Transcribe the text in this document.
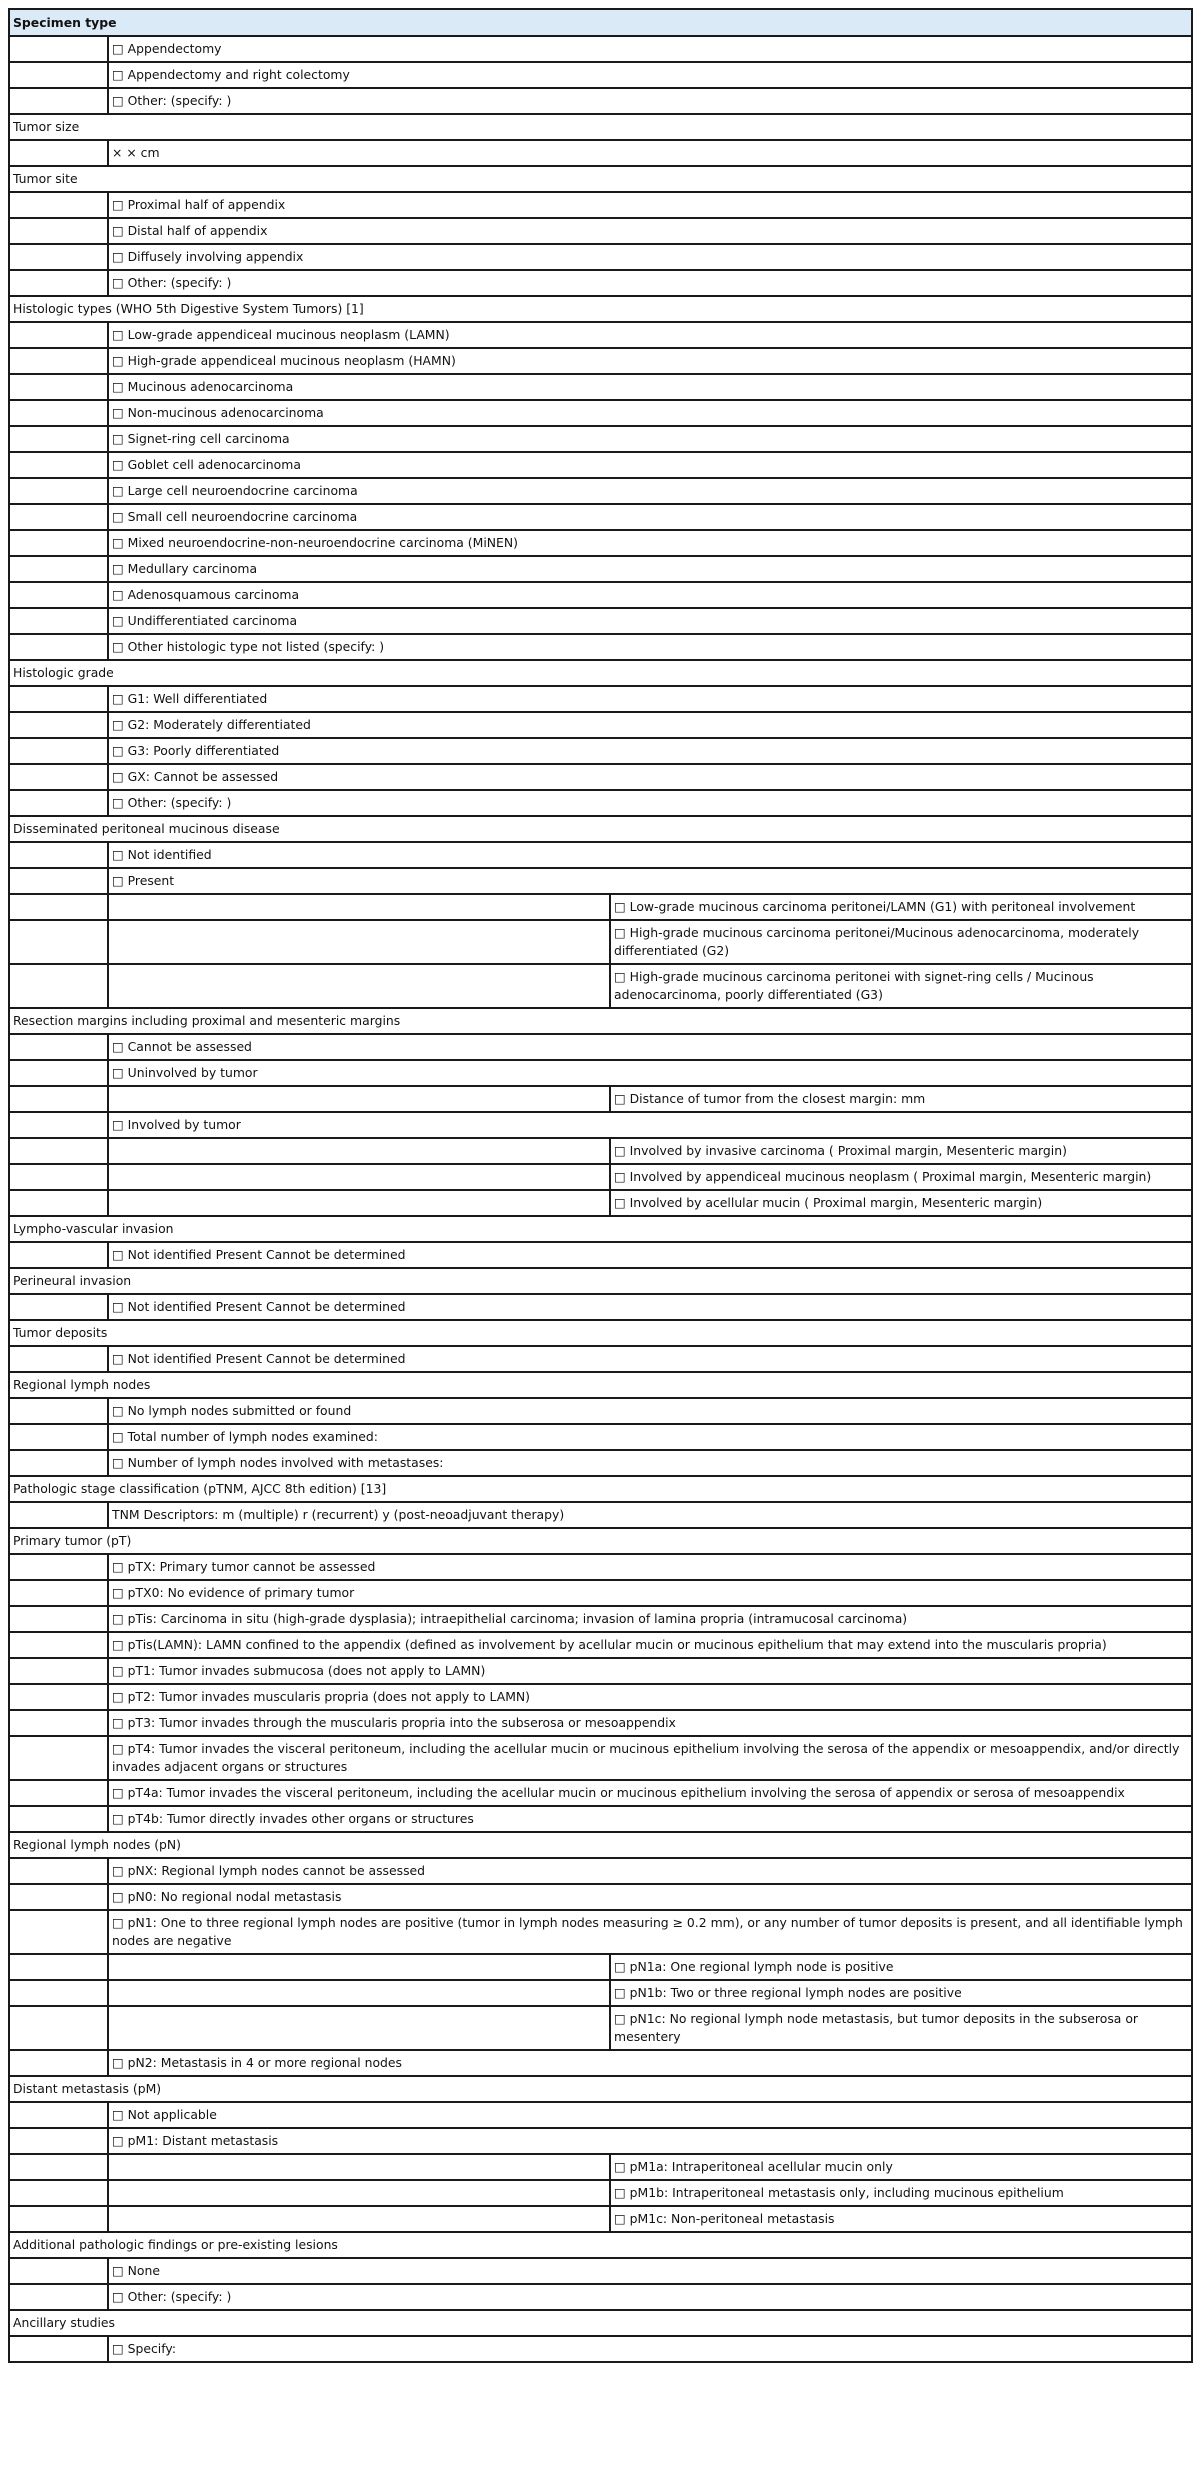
Specimen type		
	□ Appendectomy	
	□ Appendectomy and right colectomy	
	□ Other: (specify: )	
Tumor size		
	× × cm	
Tumor site		
	□ Proximal half of appendix	
	□ Distal half of appendix	
	□ Diffusely involving appendix	
	□ Other: (specify: )	
Histologic types (WHO 5th Digestive System Tumors) [1]		
	□ Low-grade appendiceal mucinous neoplasm (LAMN)	
	□ High-grade appendiceal mucinous neoplasm (HAMN)	
	□ Mucinous adenocarcinoma	
	□ Non-mucinous adenocarcinoma	
	□ Signet-ring cell carcinoma	
	□ Goblet cell adenocarcinoma	
	□ Large cell neuroendocrine carcinoma	
	□ Small cell neuroendocrine carcinoma	
	□ Mixed neuroendocrine-non-neuroendocrine carcinoma (MiNEN)	
	□ Medullary carcinoma	
	□ Adenosquamous carcinoma	
	□ Undifferentiated carcinoma	
	□ Other histologic type not listed (specify: )	
Histologic grade		
	□ G1: Well differentiated	
	□ G2: Moderately differentiated	
	□ G3: Poorly differentiated	
	□ GX: Cannot be assessed	
	□ Other: (specify: )	
Disseminated peritoneal mucinous disease		
	□ Not identified	
	□ Present	
		□ Low-grade mucinous carcinoma peritonei/LAMN (G1) with peritoneal involvement
		□ High-grade mucinous carcinoma peritonei/Mucinous adenocarcinoma, moderately differentiated (G2)
		□ High-grade mucinous carcinoma peritonei with signet-ring cells / Mucinous adenocarcinoma, poorly differentiated (G3)
Resection margins including proximal and mesenteric margins		
	□ Cannot be assessed	
	□ Uninvolved by tumor	
		□ Distance of tumor from the closest margin: mm
	□ Involved by tumor	
		□ Involved by invasive carcinoma ( Proximal margin, Mesenteric margin)
		□ Involved by appendiceal mucinous neoplasm ( Proximal margin, Mesenteric margin)
		□ Involved by acellular mucin ( Proximal margin, Mesenteric margin)
Lympho-vascular invasion		
	□ Not identified Present Cannot be determined	
Perineural invasion		
	□ Not identified Present Cannot be determined	
Tumor deposits		
	□ Not identified Present Cannot be determined	
Regional lymph nodes		
	□ No lymph nodes submitted or found	
	□ Total number of lymph nodes examined:	
	□ Number of lymph nodes involved with metastases:	
Pathologic stage classification (pTNM, AJCC 8th edition) [13]		
	TNM Descriptors: m (multiple) r (recurrent) y (post-neoadjuvant therapy)	
Primary tumor (pT)		
	□ pTX: Primary tumor cannot be assessed	
	□ pTX0: No evidence of primary tumor	
	□ pTis: Carcinoma in situ (high-grade dysplasia); intraepithelial carcinoma; invasion of lamina propria (intramucosal carcinoma)	
	□ pTis(LAMN): LAMN confined to the appendix (defined as involvement by acellular mucin or mucinous epithelium that may extend into the muscularis propria)	
	□ pT1: Tumor invades submucosa (does not apply to LAMN)	
	□ pT2: Tumor invades muscularis propria (does not apply to LAMN)	
	□ pT3: Tumor invades through the muscularis propria into the subserosa or mesoappendix	
	□ pT4: Tumor invades the visceral peritoneum, including the acellular mucin or mucinous epithelium involving the serosa of the appendix or mesoappendix, and/or directly invades adjacent organs or structures	
	□ pT4a: Tumor invades the visceral peritoneum, including the acellular mucin or mucinous epithelium involving the serosa of appendix or serosa of mesoappendix	
	□ pT4b: Tumor directly invades other organs or structures	
Regional lymph nodes (pN)		
	□ pNX: Regional lymph nodes cannot be assessed	
	□ pN0: No regional nodal metastasis	
	□ pN1: One to three regional lymph nodes are positive (tumor in lymph nodes measuring ≥ 0.2 mm), or any number of tumor deposits is present, and all identifiable lymph nodes are negative	
		□ pN1a: One regional lymph node is positive
		□ pN1b: Two or three regional lymph nodes are positive
		□ pN1c: No regional lymph node metastasis, but tumor deposits in the subserosa or mesentery
	□ pN2: Metastasis in 4 or more regional nodes	
Distant metastasis (pM)		
	□ Not applicable	
	□ pM1: Distant metastasis	
		□ pM1a: Intraperitoneal acellular mucin only
		□ pM1b: Intraperitoneal metastasis only, including mucinous epithelium
		□ pM1c: Non-peritoneal metastasis
Additional pathologic findings or pre-existing lesions		
	□ None	
	□ Other: (specify: )	
Ancillary studies		
	□ Specify:	
